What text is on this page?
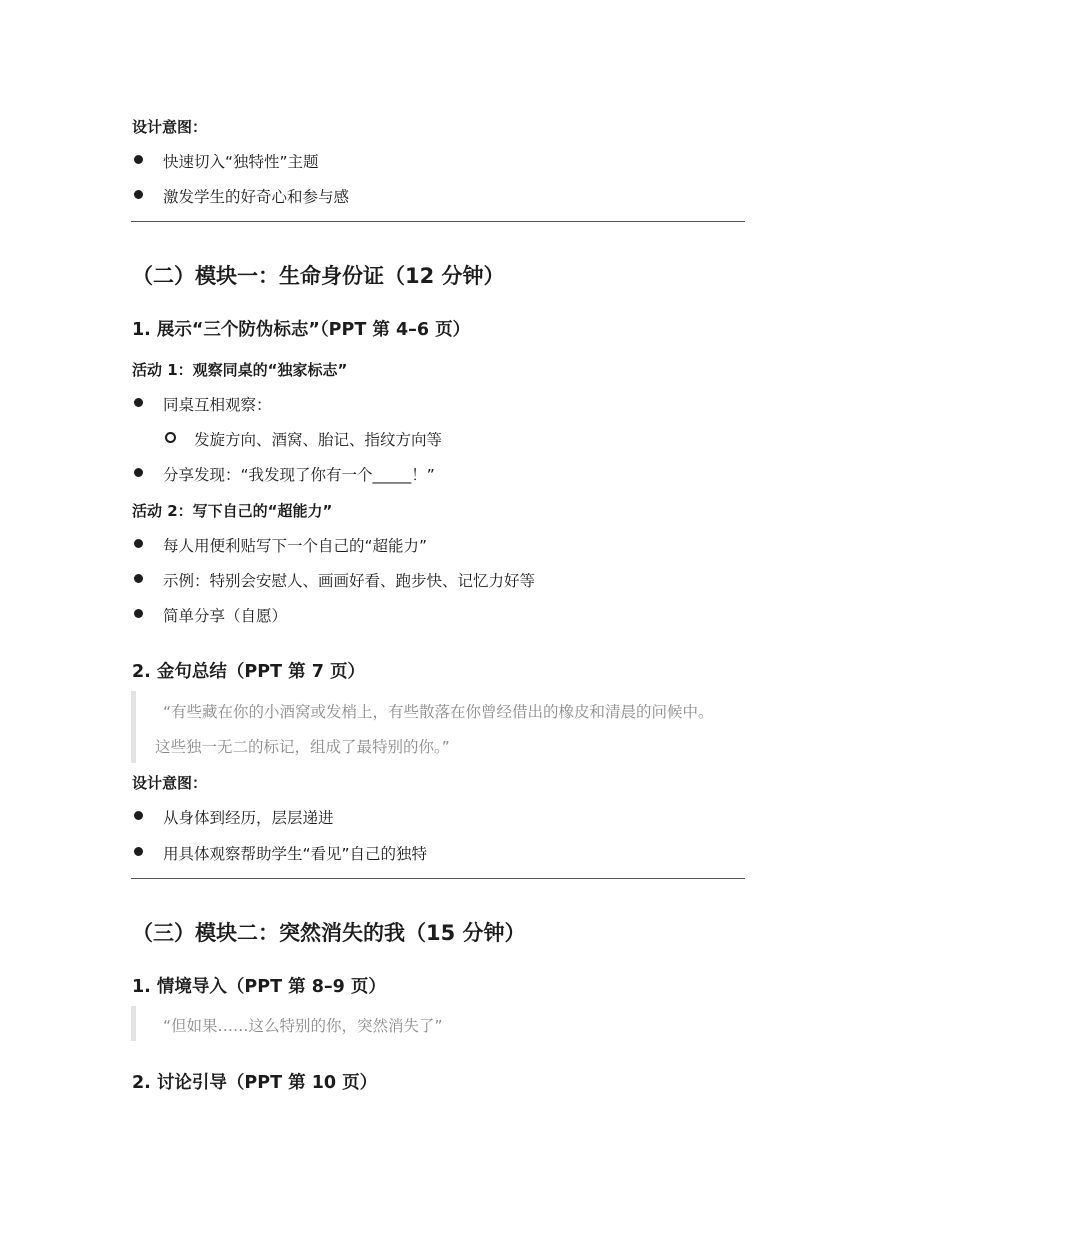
设计意图：
快速切入“独特性”主题
激发学生的好奇心和参与感
（二）模块一：生命身份证（12 分钟）
1. 展示“三个防伪标志”（PPT 第 4–6 页）
活动 1：观察同桌的“独家标志”
同桌互相观察：
发旋方向、酒窝、胎记、指纹方向等
分享发现：“我发现了你有一个_____！”
活动 2：写下自己的“超能力”
每人用便利贴写下一个自己的“超能力”
示例：特别会安慰人、画画好看、跑步快、记忆力好等
简单分享（自愿）
2. 金句总结（PPT 第 7 页）
“有些藏在你的小酒窝或发梢上，有些散落在你曾经借出的橡皮和清晨的问候中。
这些独一无二的标记，组成了最特别的你。”
设计意图：
从身体到经历，层层递进
用具体观察帮助学生“看见”自己的独特
（三）模块二：突然消失的我（15 分钟）
1. 情境导入（PPT 第 8–9 页）
“但如果……这么特别的你，突然消失了”
2. 讨论引导（PPT 第 10 页）
